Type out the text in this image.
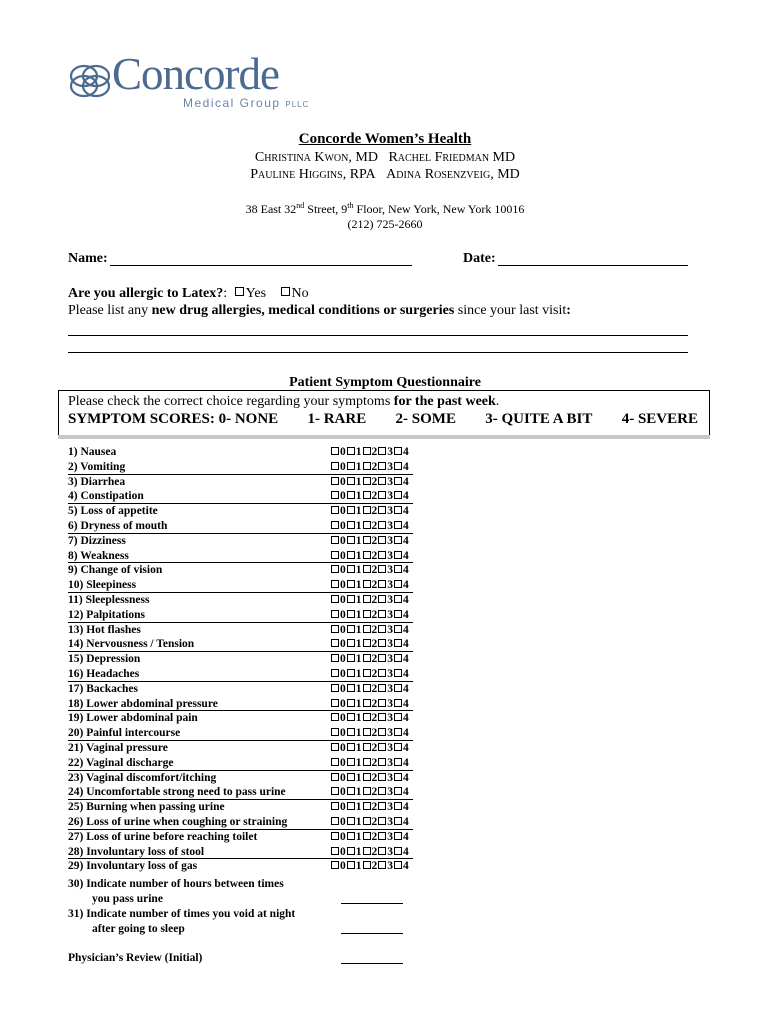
Concorde
Medical Group PLLC
Concorde Women’s Health
Christina Kwon, MD Rachel Friedman MD
Pauline Higgins, RPA Adina Rosenzveig, MD
38 East 32nd Street, 9th Floor, New York, New York 10016
(212) 725-2660
Name:	Date:
Are you allergic to Latex?: Yes No
Please list any new drug allergies, medical conditions or surgeries since your last visit:
Patient Symptom Questionnaire
Please check the correct choice regarding your symptoms for the past week.
SYMPTOM SCORES: 0- NONE 1- RARE 2- SOME 3- QUITE A BIT 4- SEVERE
1) Nausea	0 1 2 3 4
2) Vomiting	0 1 2 3 4
3) Diarrhea	0 1 2 3 4
4) Constipation	0 1 2 3 4
5) Loss of appetite	0 1 2 3 4
6) Dryness of mouth	0 1 2 3 4
7) Dizziness	0 1 2 3 4
8) Weakness	0 1 2 3 4
9) Change of vision	0 1 2 3 4
10) Sleepiness	0 1 2 3 4
11) Sleeplessness	0 1 2 3 4
12) Palpitations	0 1 2 3 4
13) Hot flashes	0 1 2 3 4
14) Nervousness / Tension	0 1 2 3 4
15) Depression	0 1 2 3 4
16) Headaches	0 1 2 3 4
17) Backaches	0 1 2 3 4
18) Lower abdominal pressure	0 1 2 3 4
19) Lower abdominal pain	0 1 2 3 4
20) Painful intercourse	0 1 2 3 4
21) Vaginal pressure	0 1 2 3 4
22) Vaginal discharge	0 1 2 3 4
23) Vaginal discomfort/itching	0 1 2 3 4
24) Uncomfortable strong need to pass urine	0 1 2 3 4
25) Burning when passing urine	0 1 2 3 4
26) Loss of urine when coughing or straining	0 1 2 3 4
27) Loss of urine before reaching toilet	0 1 2 3 4
28) Involuntary loss of stool	0 1 2 3 4
29) Involuntary loss of gas	0 1 2 3 4
30) Indicate number of hours between times
you pass urine
31) Indicate number of times you void at night
after going to sleep
Physician’s Review (Initial)
